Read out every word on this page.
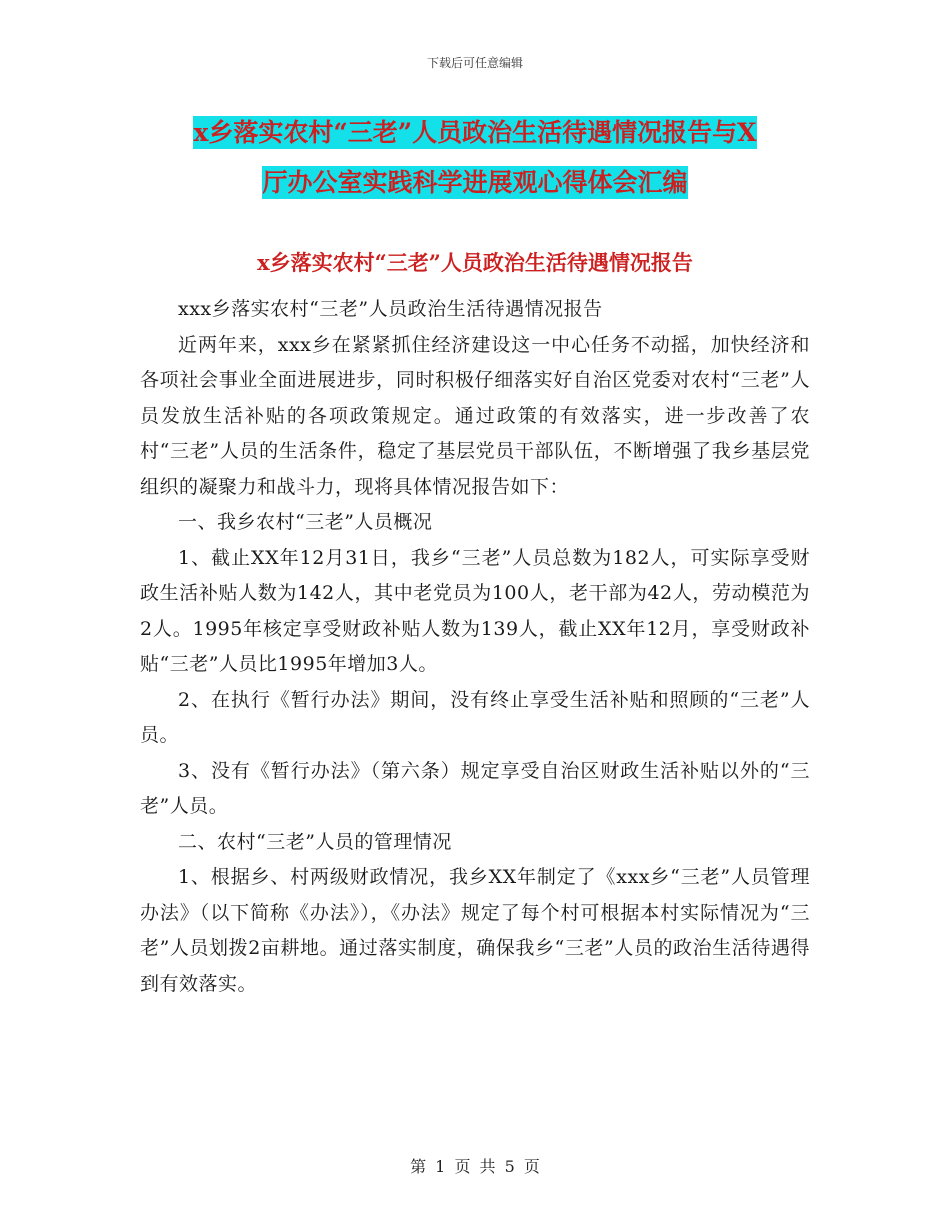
下载后可任意编辑
x乡落实农村“三老”人员政治生活待遇情况报告与X
厅办公室实践科学进展观心得体会汇编
x乡落实农村“三老”人员政治生活待遇情况报告

xxx乡落实农村“三老”人员政治生活待遇情况报告

近两年来，xxx乡在紧紧抓住经济建设这一中心任务不动摇，加快经济和各项社会事业全面进展进步，同时积极仔细落实好自治区党委对农村“三老”人员发放生活补贴的各项政策规定。通过政策的有效落实，进一步改善了农村“三老”人员的生活条件，稳定了基层党员干部队伍，不断增强了我乡基层党组织的凝聚力和战斗力，现将具体情况报告如下：

一、我乡农村“三老”人员概况

1、截止XX年12月31日，我乡“三老”人员总数为182人，可实际享受财政生活补贴人数为142人，其中老党员为100人，老干部为42人，劳动模范为2人。1995年核定享受财政补贴人数为139人，截止XX年12月，享受财政补贴“三老”人员比1995年增加3人。

2、在执行《暂行办法》期间，没有终止享受生活补贴和照顾的“三老”人员。

3、没有《暂行办法》（第六条）规定享受自治区财政生活补贴以外的“三老”人员。

二、农村“三老”人员的管理情况

1、根据乡、村两级财政情况，我乡XX年制定了《xxx乡“三老”人员管理办法》（以下简称《办法》），《办法》规定了每个村可根据本村实际情况为“三老”人员划拨2亩耕地。通过落实制度，确保我乡“三老”人员的政治生活待遇得到有效落实。

第 1 页 共 5 页
